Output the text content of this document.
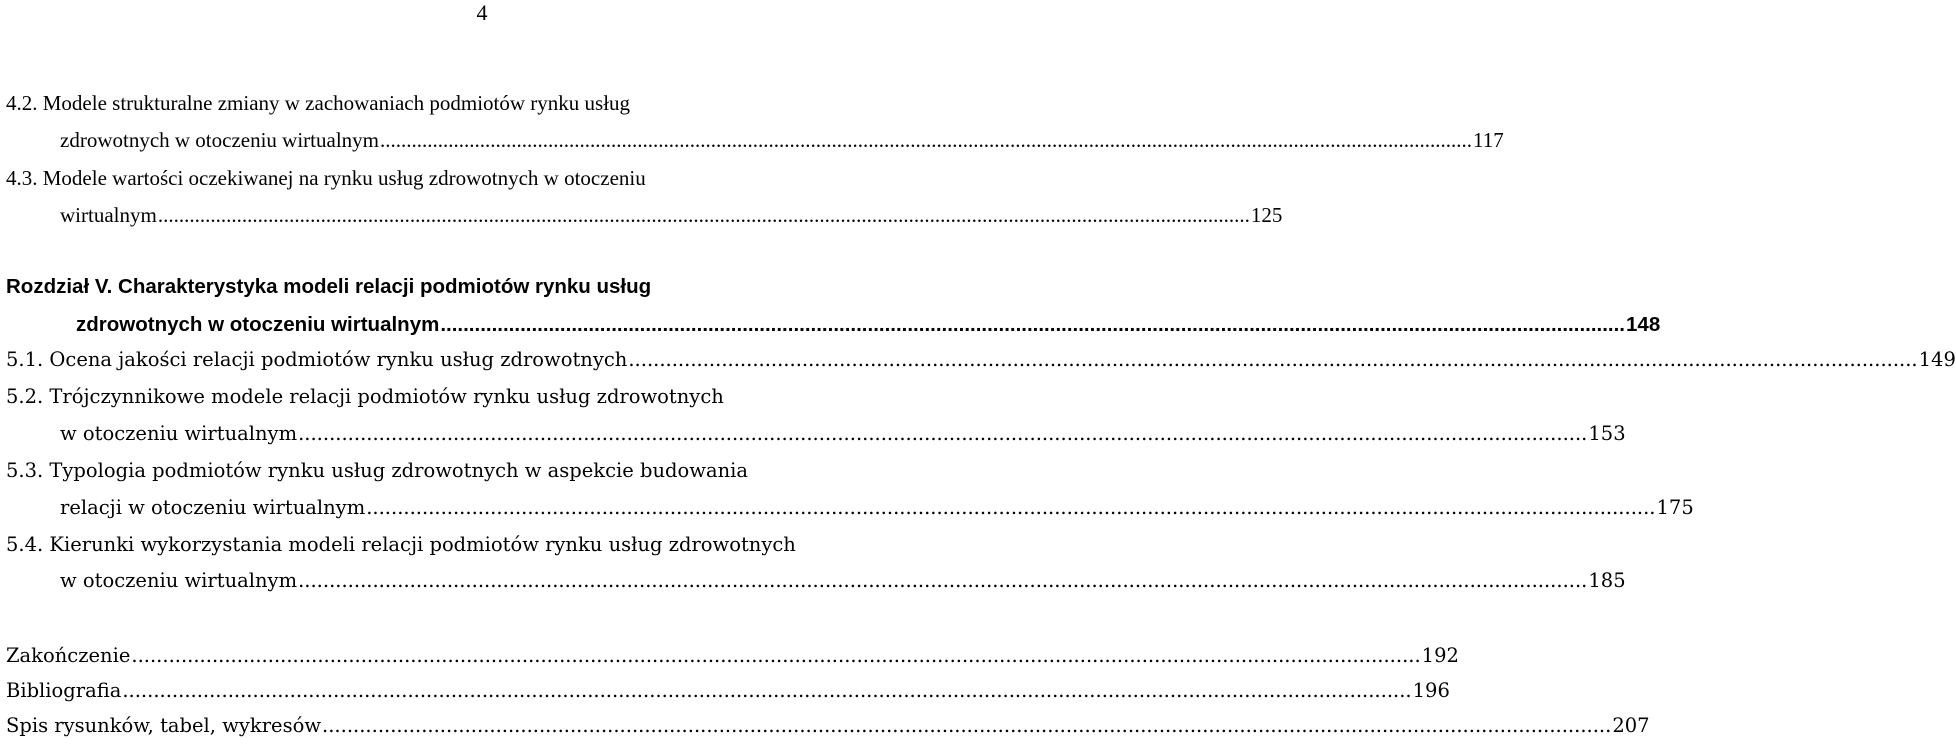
4
4.2. Modele strukturalne zmiany w zachowaniach podmiotów rynku usług
zdrowotnych w otoczeniu wirtualnym ................................................................................................................................................................................................................ 117
4.3. Modele wartości oczekiwanej na rynku usług zdrowotnych w otoczeniu
wirtualnym ................................................................................................................................................................................................................ 125
Rozdział V. Charakterystyka modeli relacji podmiotów rynku usług
zdrowotnych w otoczeniu wirtualnym ................................................................................................................................................................................................................ 148
5.1. Ocena jakości relacji podmiotów rynku usług zdrowotnych ................................................................................................................................................................................................................ 149
5.2. Trójczynnikowe modele relacji podmiotów rynku usług zdrowotnych
w otoczeniu wirtualnym ................................................................................................................................................................................................................ 153
5.3. Typologia podmiotów rynku usług zdrowotnych w aspekcie budowania
relacji w otoczeniu wirtualnym ................................................................................................................................................................................................................ 175
5.4. Kierunki wykorzystania modeli relacji podmiotów rynku usług zdrowotnych
w otoczeniu wirtualnym ................................................................................................................................................................................................................ 185
Zakończenie ................................................................................................................................................................................................................ 192
Bibliografia ................................................................................................................................................................................................................ 196
Spis rysunków, tabel, wykresów ................................................................................................................................................................................................................ 207
